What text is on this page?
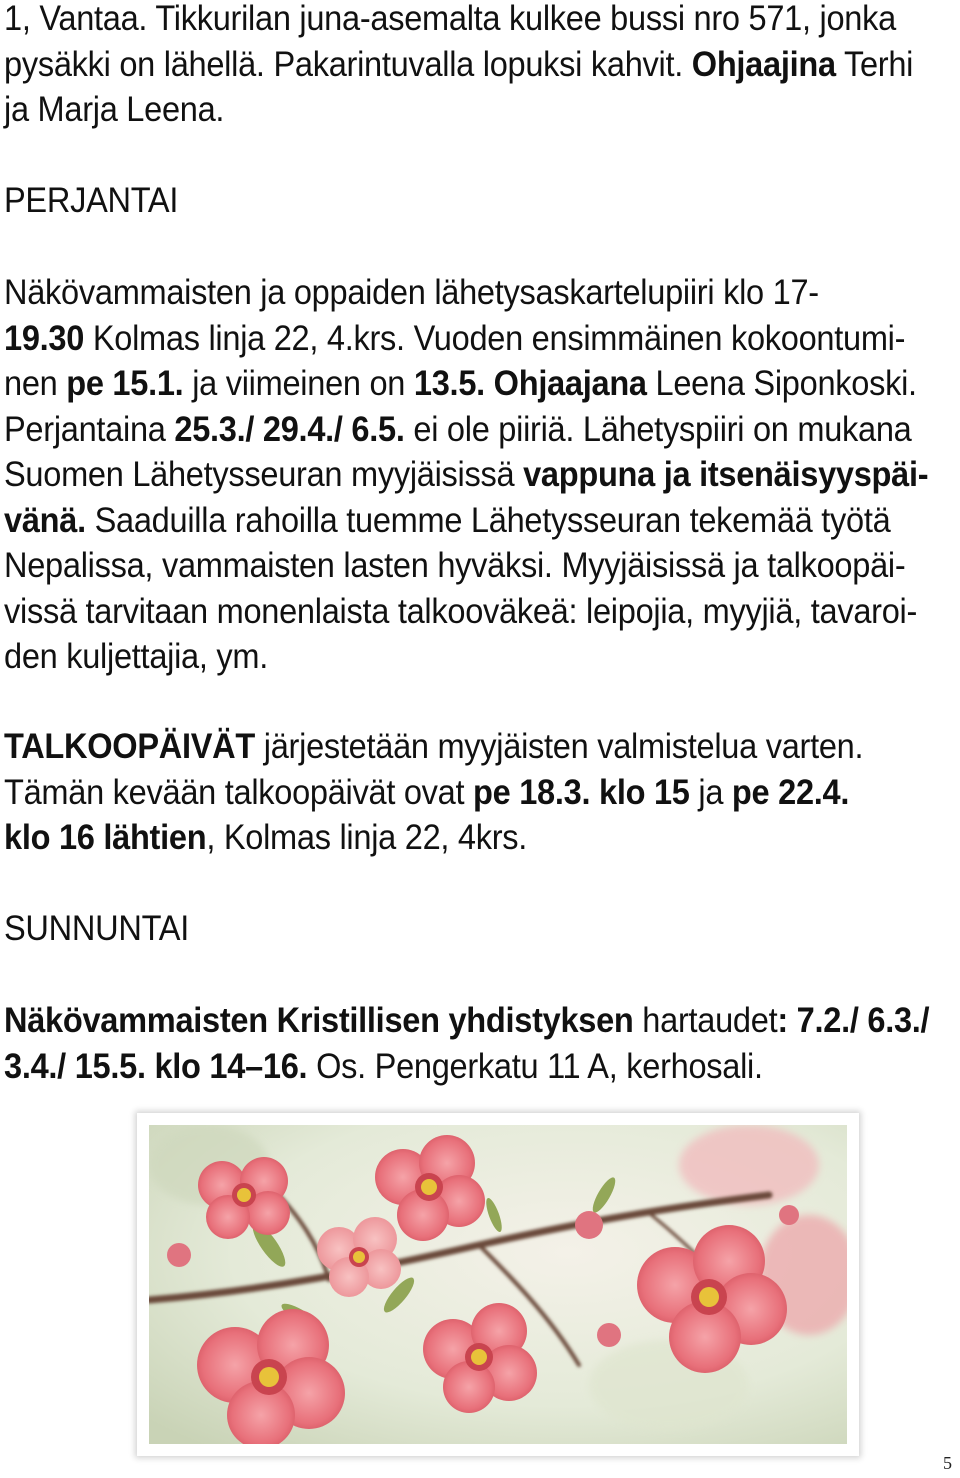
1, Vantaa. Tikkurilan juna-asemalta kulkee bussi nro 571, jonka
pysäkki on lähellä. Pakarintuvalla lopuksi kahvit. Ohjaajina Terhi
ja Marja Leena.
PERJANTAI
Näkövammaisten ja oppaiden lähetysaskartelupiiri klo 17-
19.30 Kolmas linja 22, 4.krs. Vuoden ensimmäinen kokoontumi-
nen pe 15.1. ja viimeinen on 13.5. Ohjaajana Leena Siponkoski.
Perjantaina 25.3./ 29.4./ 6.5. ei ole piiriä. Lähetyspiiri on mukana
Suomen Lähetysseuran myyjäisissä vappuna ja itsenäisyyspäi-
vänä. Saaduilla rahoilla tuemme Lähetysseuran tekemää työtä
Nepalissa, vammaisten lasten hyväksi. Myyjäisissä ja talkoopäi-
vissä tarvitaan monenlaista talkooväkeä: leipojia, myyjiä, tavaroi-
den kuljettajia, ym.
TALKOOPÄIVÄT järjestetään myyjäisten valmistelua varten.
Tämän kevään talkoopäivät ovat pe 18.3. klo 15 ja pe 22.4.
klo 16 lähtien, Kolmas linja 22, 4krs.
SUNNUNTAI
Näkövammaisten Kristillisen yhdistyksen hartaudet: 7.2./ 6.3./
3.4./ 15.5. klo 14–16. Os. Pengerkatu 11 A, kerhosali.
5
